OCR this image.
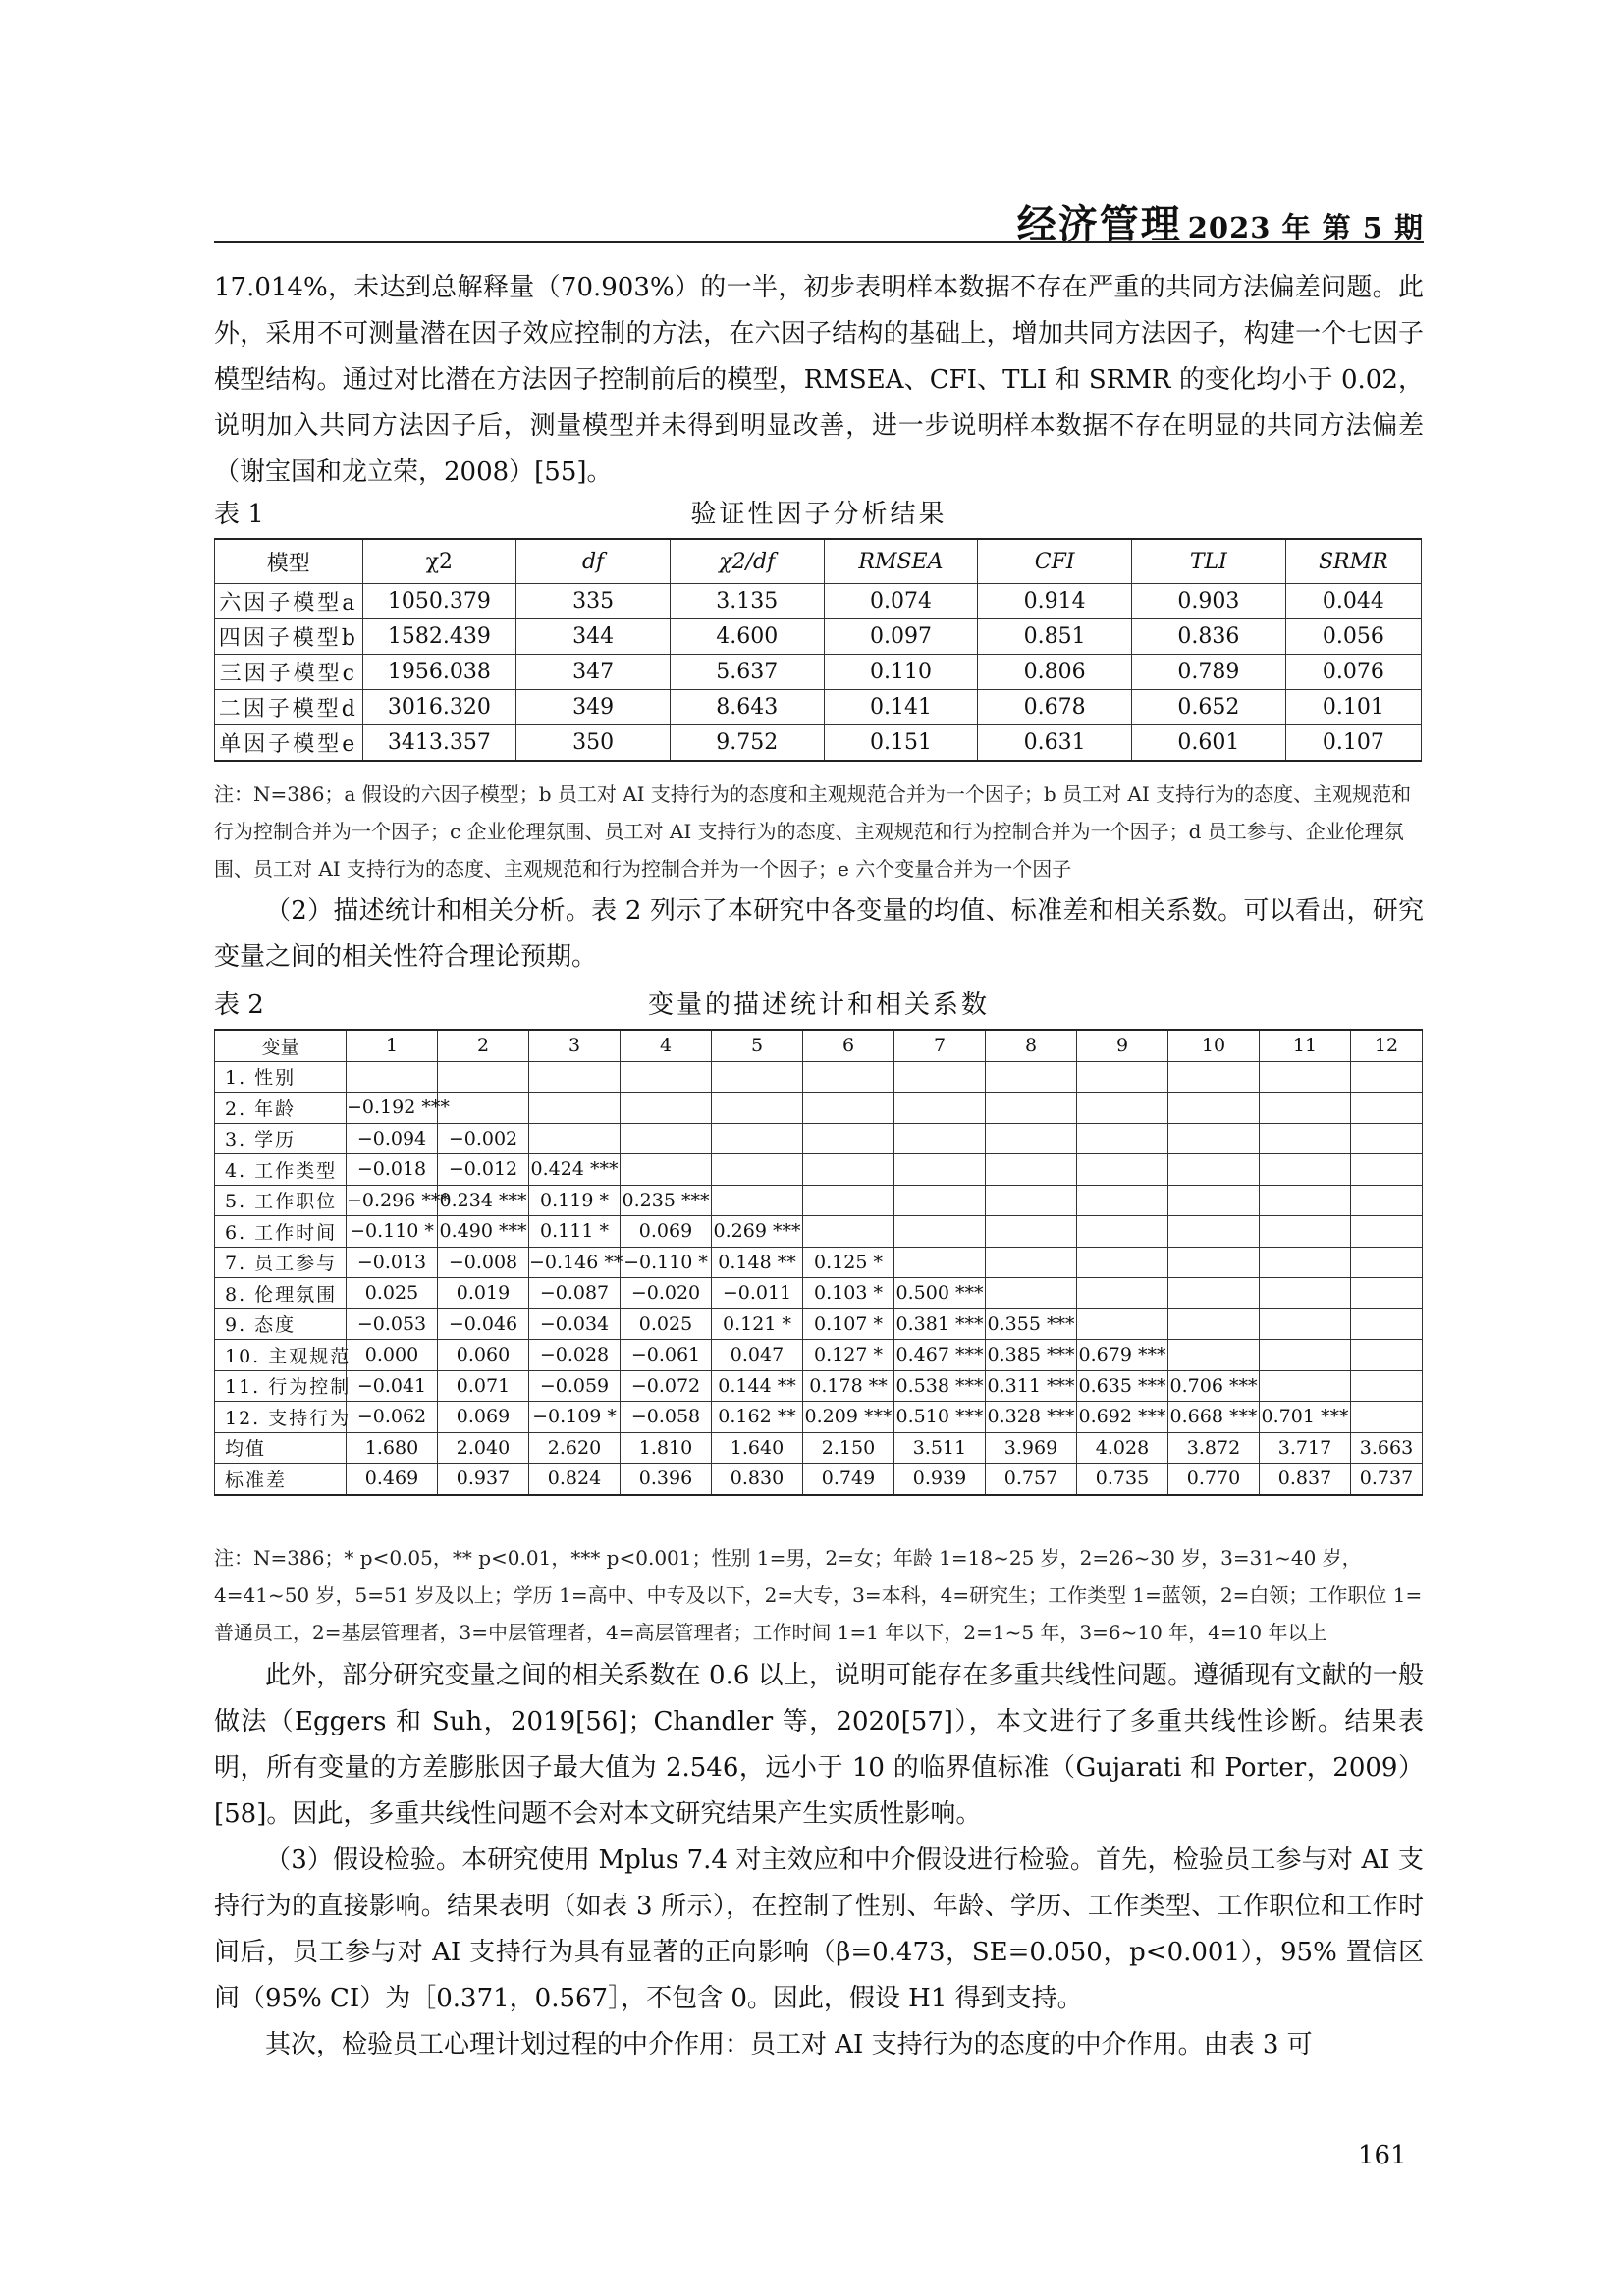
经济管理 2023 年 第 5 期
17.014%，未达到总解释量（70.903%）的一半，初步表明样本数据不存在严重的共同方法偏差问题。此外，采用不可测量潜在因子效应控制的方法，在六因子结构的基础上，增加共同方法因子，构建一个七因子模型结构。通过对比潜在方法因子控制前后的模型，RMSEA、CFI、TLI 和 SRMR 的变化均小于 0.02，说明加入共同方法因子后，测量模型并未得到明显改善，进一步说明样本数据不存在明显的共同方法偏差（谢宝国和龙立荣，2008）[55]。
表 1	验证性因子分析结果
模型	χ2	df	χ2/df	RMSEA	CFI	TLI	SRMR
六因子模型a	1050.379	335	3.135	0.074	0.914	0.903	0.044
四因子模型b	1582.439	344	4.600	0.097	0.851	0.836	0.056
三因子模型c	1956.038	347	5.637	0.110	0.806	0.789	0.076
二因子模型d	3016.320	349	8.643	0.141	0.678	0.652	0.101
单因子模型e	3413.357	350	9.752	0.151	0.631	0.601	0.107
注：N=386；a 假设的六因子模型；b 员工对 AI 支持行为的态度和主观规范合并为一个因子；b 员工对 AI 支持行为的态度、主观规范和行为控制合并为一个因子；c 企业伦理氛围、员工对 AI 支持行为的态度、主观规范和行为控制合并为一个因子；d 员工参与、企业伦理氛围、员工对 AI 支持行为的态度、主观规范和行为控制合并为一个因子；e 六个变量合并为一个因子
（2）描述统计和相关分析。表 2 列示了本研究中各变量的均值、标准差和相关系数。可以看出，研究变量之间的相关性符合理论预期。
表 2	变量的描述统计和相关系数
变量	1	2	3	4	5	6	7	8	9	10	11	12
1. 性别												
2. 年龄	−0.192 ***											
3. 学历	−0.094	−0.002										
4. 工作类型	−0.018	−0.012	0.424 ***									
5. 工作职位	−0.296 ***	0.234 ***	0.119 *	0.235 ***								
6. 工作时间	−0.110 *	0.490 ***	0.111 *	0.069	0.269 ***							
7. 员工参与	−0.013	−0.008	−0.146 **	−0.110 *	0.148 **	0.125 *						
8. 伦理氛围	0.025	0.019	−0.087	−0.020	−0.011	0.103 *	0.500 ***					
9. 态度	−0.053	−0.046	−0.034	0.025	0.121 *	0.107 *	0.381 ***	0.355 ***				
10. 主观规范	0.000	0.060	−0.028	−0.061	0.047	0.127 *	0.467 ***	0.385 ***	0.679 ***			
11. 行为控制	−0.041	0.071	−0.059	−0.072	0.144 **	0.178 **	0.538 ***	0.311 ***	0.635 ***	0.706 ***		
12. 支持行为	−0.062	0.069	−0.109 *	−0.058	0.162 **	0.209 ***	0.510 ***	0.328 ***	0.692 ***	0.668 ***	0.701 ***	
均值	1.680	2.040	2.620	1.810	1.640	2.150	3.511	3.969	4.028	3.872	3.717	3.663
标准差	0.469	0.937	0.824	0.396	0.830	0.749	0.939	0.757	0.735	0.770	0.837	0.737
注：N=386；* p<0.05，** p<0.01，*** p<0.001；性别 1=男，2=女；年龄 1=18~25 岁，2=26~30 岁，3=31~40 岁，4=41~50 岁，5=51 岁及以上；学历 1=高中、中专及以下，2=大专，3=本科，4=研究生；工作类型 1=蓝领，2=白领；工作职位 1=普通员工，2=基层管理者，3=中层管理者，4=高层管理者；工作时间 1=1 年以下，2=1~5 年，3=6~10 年，4=10 年以上
此外，部分研究变量之间的相关系数在 0.6 以上，说明可能存在多重共线性问题。遵循现有文献的一般做法（Eggers 和 Suh，2019[56]；Chandler 等，2020[57]），本文进行了多重共线性诊断。结果表明，所有变量的方差膨胀因子最大值为 2.546，远小于 10 的临界值标准（Gujarati 和 Porter，2009）[58]。因此，多重共线性问题不会对本文研究结果产生实质性影响。
（3）假设检验。本研究使用 Mplus 7.4 对主效应和中介假设进行检验。首先，检验员工参与对 AI 支持行为的直接影响。结果表明（如表 3 所示），在控制了性别、年龄、学历、工作类型、工作职位和工作时间后，员工参与对 AI 支持行为具有显著的正向影响（β=0.473，SE=0.050，p<0.001），95% 置信区间（95% CI）为［0.371，0.567］，不包含 0。因此，假设 H1 得到支持。
其次，检验员工心理计划过程的中介作用：员工对 AI 支持行为的态度的中介作用。由表 3 可
161
